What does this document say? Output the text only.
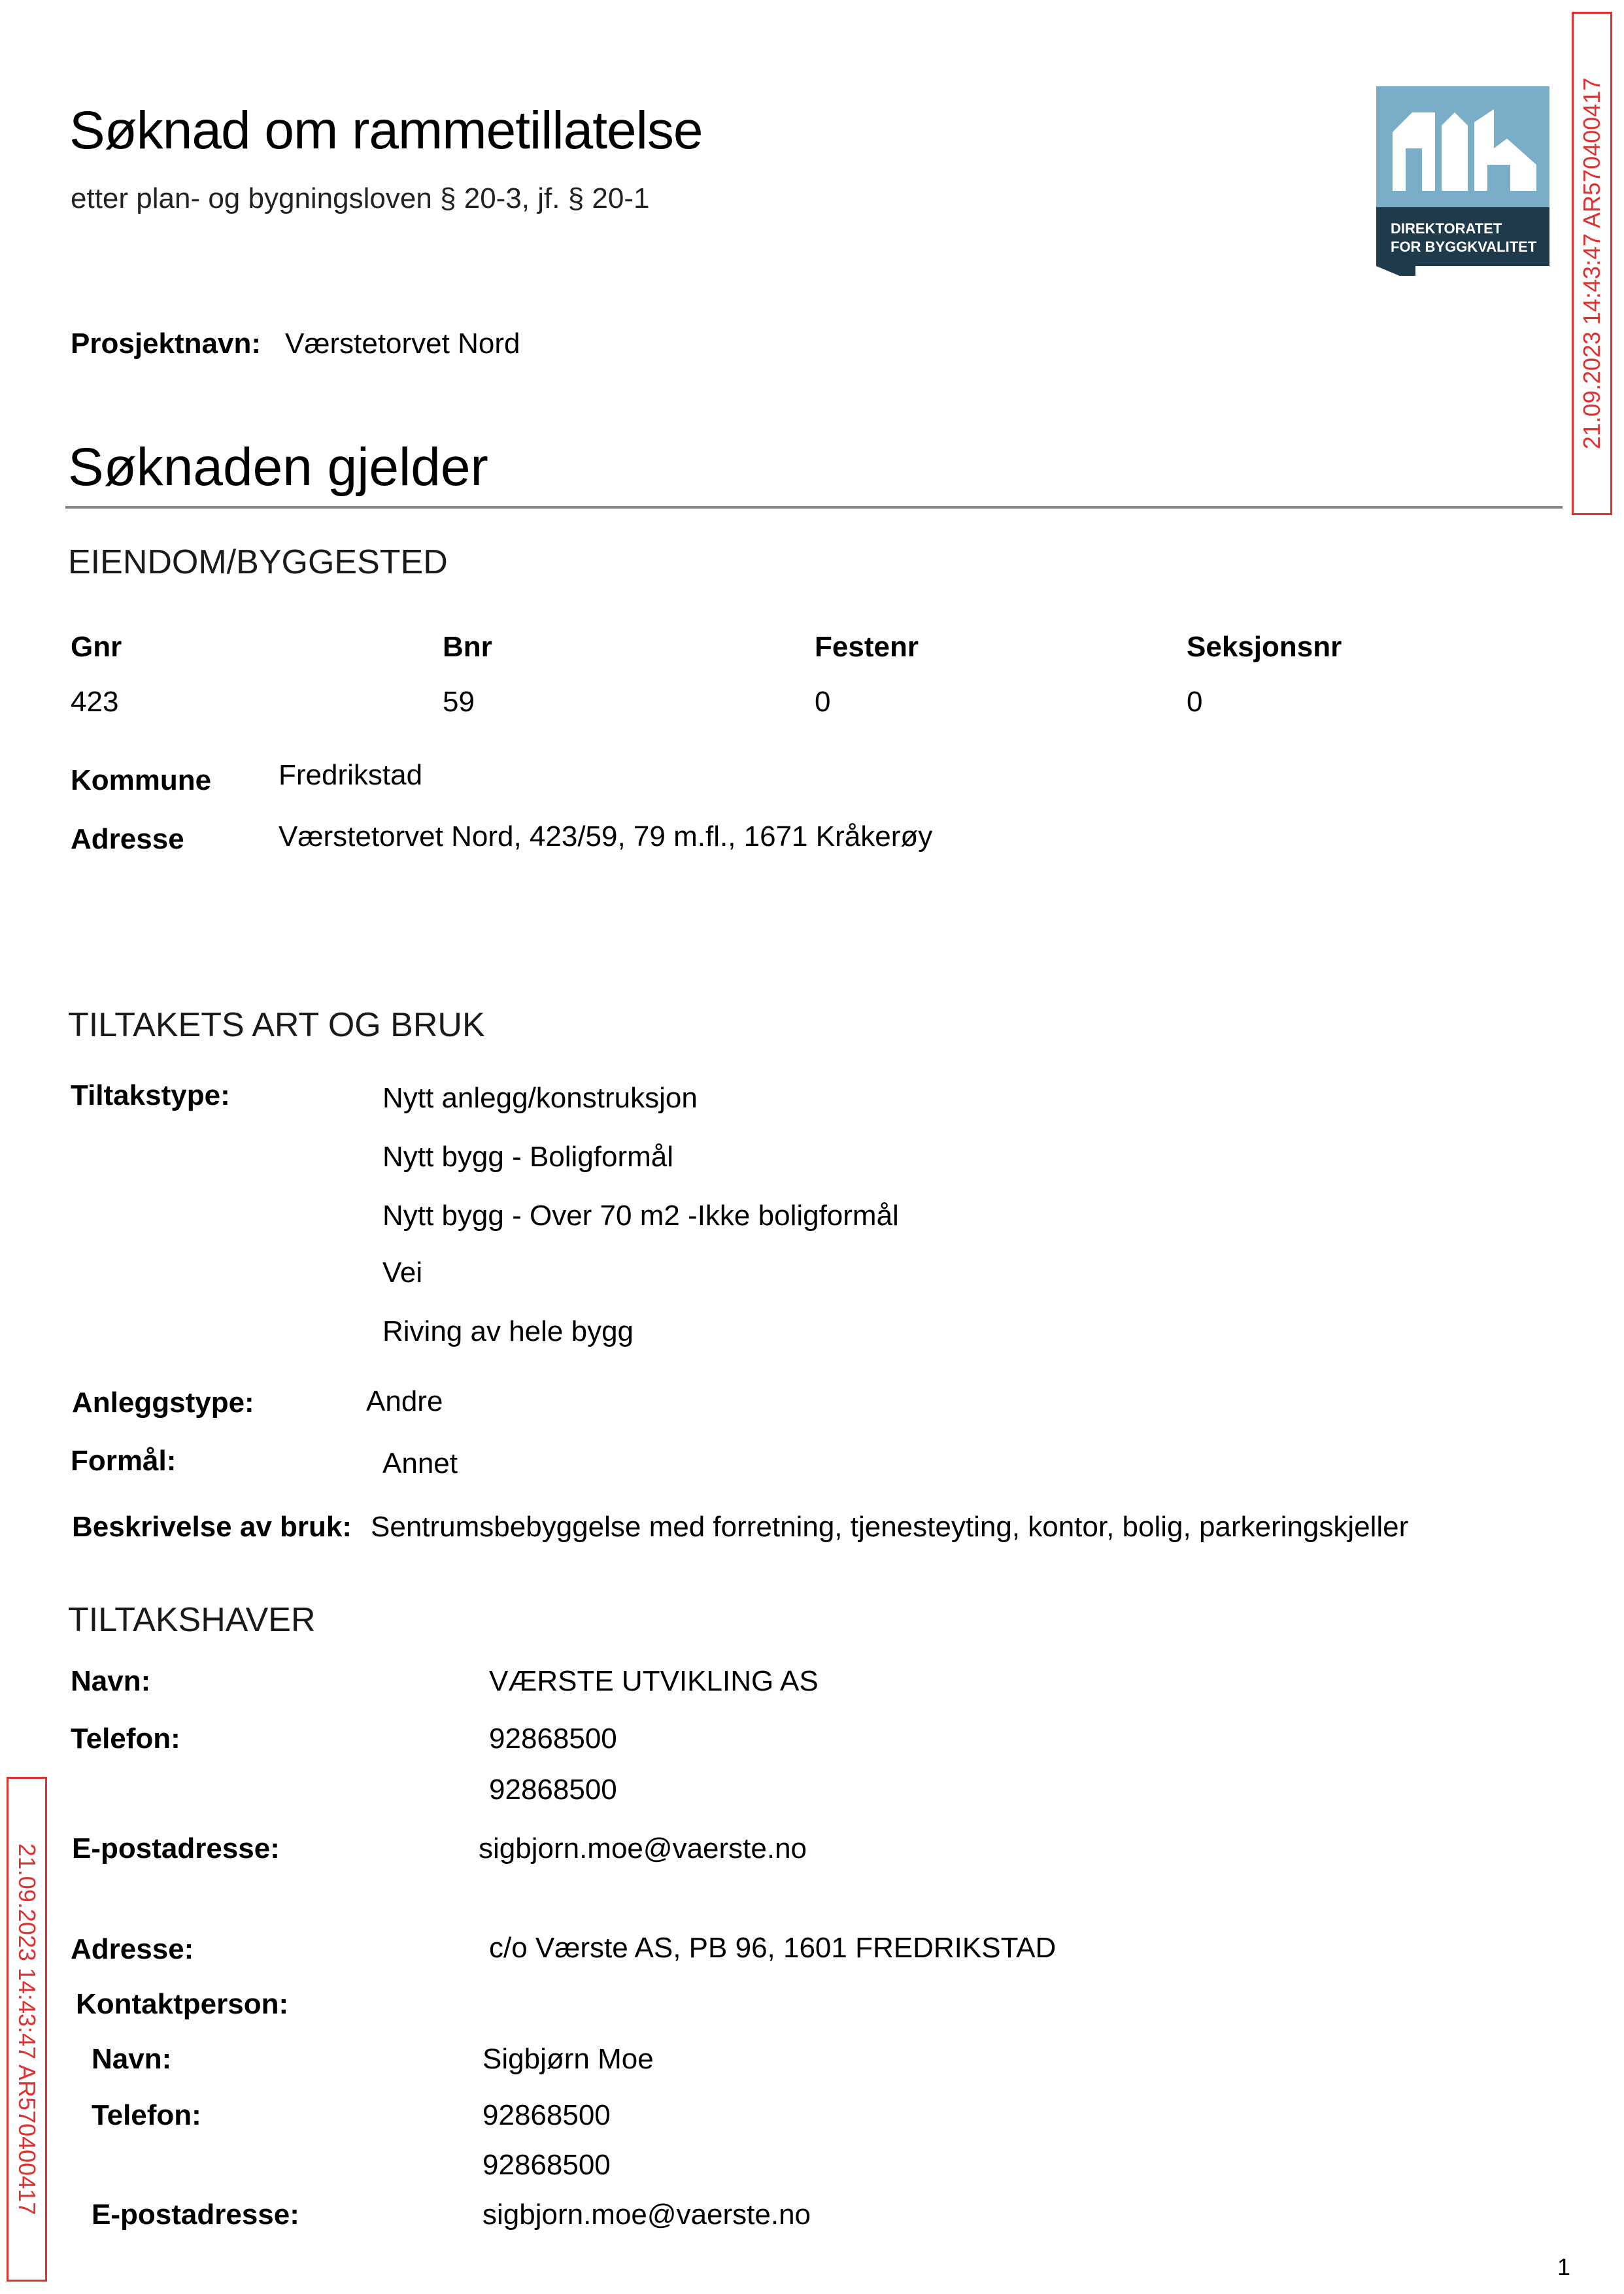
Søknad om rammetillatelse
etter plan- og bygningsloven § 20-3, jf. § 20-1
DIREKTORATET
FOR BYGGKVALITET 21.09.2023 14:43:47 AR570400417
21.09.2023 14:43:47 AR570400417
Prosjektnavn: Værstetorvet Nord
Søknaden gjelder
EIENDOM/BYGGESTED
Gnr	Bnr	Festenr	Seksjonsnr
423	59	0	0
Kommune Fredrikstad
Adresse	Værstetorvet Nord, 423/59, 79 m.fl., 1671 Kråkerøy
TILTAKETS ART OG BRUK
Tiltakstype:	Nytt anlegg/konstruksjon
Nytt bygg - Boligformål
Nytt bygg - Over 70 m2 -Ikke boligformål
Vei
Riving av hele bygg
Anleggstype:	Andre
Formål:	Annet
Beskrivelse av bruk: Sentrumsbebyggelse med forretning, tjenesteyting, kontor, bolig, parkeringskjeller
TILTAKSHAVER
Navn:	VÆRSTE UTVIKLING AS
Telefon:	92868500
92868500
E-postadresse:	sigbjorn.moe@vaerste.no
Adresse:	c/o Værste AS, PB 96, 1601 FREDRIKSTAD
Kontaktperson:
Navn:	Sigbjørn Moe
Telefon:	92868500
92868500
E-postadresse:	sigbjorn.moe@vaerste.no
1
